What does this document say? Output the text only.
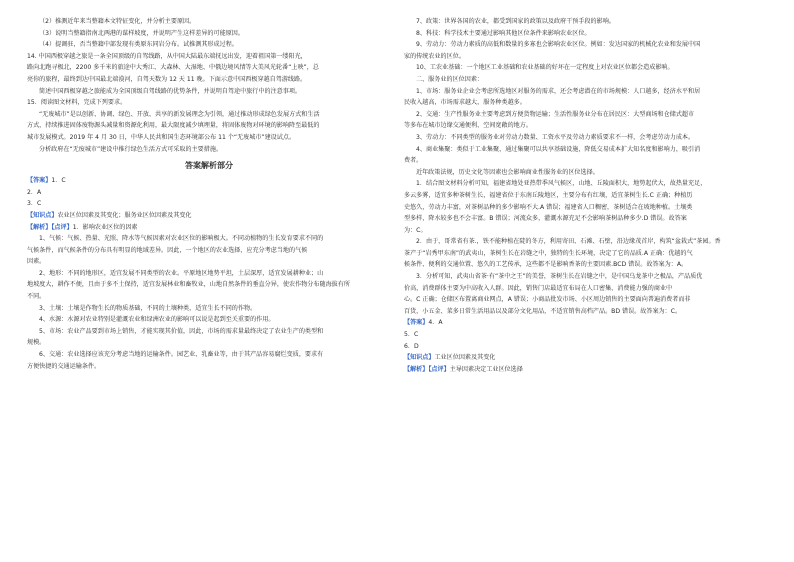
（2）推测近年来当整籍本文特征变化，并分析主要原因。

（3）说明当整籍指南北两港的谋样坡度，并说明产生这样差异的可能原因。

（4）提调驻，否当整籍中部发现有类原东同岩分布。试推测其形成过程。

14. 中国西极穿越之旅是一条全国顶级的自驾线路，从中国大陆最东端抚远出发，迎着祖国第一缕阳光，

路向北跑寻极北，2200 多千米的旅途中大秀江、大森林、大湿地、中俄边境风情等大美风光轮番“上映”，总

亮你的旅程，最终到达中国最北端漠河，自驾天数为 12 天 11 晚。下面示意中国西极穿越自驾游线路。

简述中国西极穿越之旅能成为全国顶级自驾线路的优势条件，并说明自驾途中旅行中的注意事项。

15．阅读图文材料，完成下列要求。

“无废城市”是以创新、协调、绿色、开放、共享的新发展理念为引领，通过推动形成绿色发展方式和生活

方式，持续推进固体废物源头减量和资源化利用，最大限度减少填埋量，将固体废物对环境的影响降至最低的

城市发展模式。2019 年 4 月 30 日，中华人民共和国生态环境部公布 11 个“无废城市”建设试点。

分析政府在“无废城市”建设中推行绿色生活方式可采取的主要措施。

答案解析部分

【答案】1．C

2．A

3．C

【知识点】农业区位因素及其变化；服务业区位因素及其变化

【解析】【点评】1．影响农业区位的因素

1、气候：气候、热量、光照、降水等气候因素对农业区位的影响极大。不同动植物的生长发育要求不同的

气候条件，而气候条件的分布具有明显的地域差异。因此，一个地区的农业选择，应充分考虑当地的气候

因素。

2、地形：不同的地形区，适宜发展不同类型的农业。平原地区地势平坦，土层深厚，适宜发展耕种业；山

地坡度大，耕作不便，且由于多不土保持，适宜发展林业和畜牧业，山地自然条件的垂直分异，使农作物分布随海拔有所

不同。

3、土壤：土壤是作物生长的物质基础，不同的土壤种类，适宜生长不同的作物。

4、水源：水源对农业特别是灌溉农业和绿洲农业的影响可以说是起到至关重要的作用。

5、市场：农业产品要到市场上销售，才能实现其价值，因此，市场的需求量最终决定了农业生产的类型和

规模。

6、交通：农业选择应该充分考虑当地的运输条件。园艺业、乳畜业等，由于其产品容易腐烂变质，要求有

方便快捷的交通运输条件。

7、政策：世界各国的农业，都受到国家的政策以及政府干预手段的影响。

8、科技：科学技术主要通过影响其他区位条件来影响农业区位。

9、劳动力：劳动力素质的高低和数量的多寡也会影响农业区位。例如：发达国家的机械化农业和发展中国

家的传统农业的区位。

10、工农业基础：一个地区工业基础和农业基础的好坏在一定程度上对农业区位都会造成影响。

二、服务业的区位因素：

1、市场：服务业企业会考虑所选地区对服务的需求，还会考虑潜在的市场规模：人口越多，经济水平和居

民收入越高，市场需求越大，服务种类越多。

2、交通：生产性服务业主要考虑到方便货物运输；生活性服务业分布在居民区：大型商场和仓储式超市

等多布在城市边缘交通便利、空间宽敞的地方。

3、劳动力：不同类型的服务业对劳动力数量、工资水平及劳动力素质要求不一样，会考虑劳动力成本。

4、商业集聚：类似于工业集聚，通过集聚可以共享基础设施，降低交易成本扩大知名度和影响力，吸引消

费者。

近年政策法规，历史文化等因素也会影响商业性服务业的区位选择。

1．结合图文材料分析可知，福建省地处亚热带季风气候区，山地、丘陵面积大，地势起伏大，故热量充足，

多云多雾，适宜多种茶树生长，福建省位于东南丘陵地区，主要分布有红壤，适宜茶树生长.C 正确；种植历

史悠久，劳动力丰富，对茶树品种的多少影响不大.A 错误；福建省人口稠密，茶树适合在坡地种植。土壤类

型多样，降水较多也不会丰富。B 错误；河流众多，灌溉水源充足不会影响茶树品种多少.D 错误。故答案

为：C。

2．由于，哥常省有茶.，铁不能种植在陡的冬方，利用寄田、石滩、石壁，沿边缘茂首岸，构筑“盆栽式”茶园。香

茶产于“岩秀甲东南”的武夷山，茶树生长在岩缝之中，独特的生长环境，决定了它的品质.A 正确：优越的气

候条件、便利的交通位置、悠久的工艺传承，这些都不是影响香茶的主要因素.BCD 错误。故答案为：A。

3．分析可知，武夷山省茶·有“茶中之王”的美誉，茶树生长在岩缝之中，是中国乌龙茶中之极品，产品质优

价高，消费群体主要为中高收入人群。因此，销售门店最适宜布局在人口密集、消费能力强的商业中

心。C 正确；仓储区布置离商业网点，A 错误；小商品批发市场、小区周边销售的主要面向普遍消费者而非

百货，小五金、菜多日常生活用品以及部分文化用品，不适宜销售高档产品。BD 错误。故答案为：C。

【答案】4．A

5．C

6．D

【知识点】工业区位因素及其变化

【解析】【点评】主导因素决定工业区位选择
